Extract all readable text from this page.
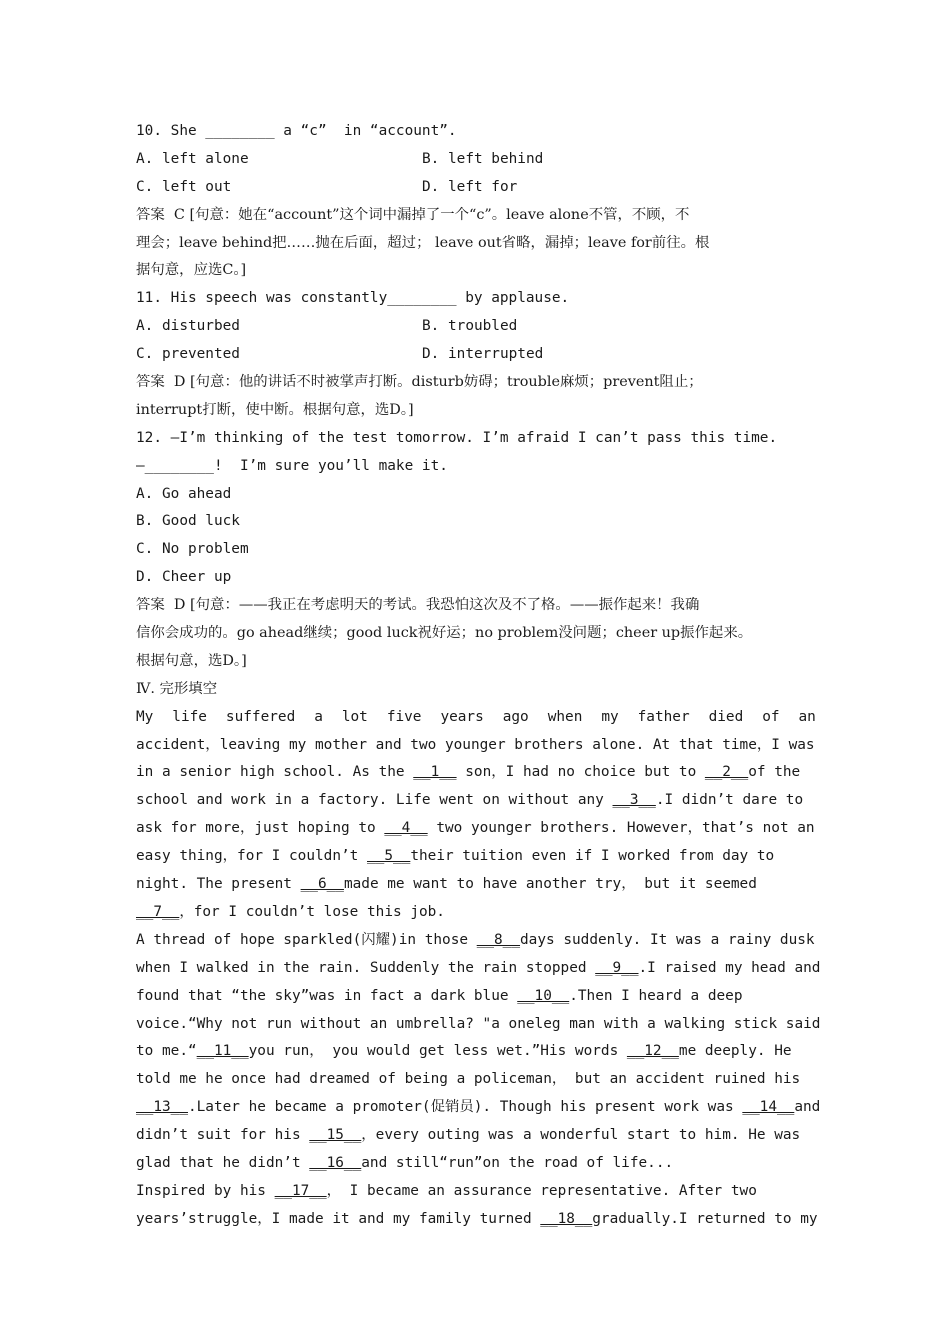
10. She ________ a “c”  in “account”.
A. left alone	B. left behind
C. left out	D. left for
答案  C [句意：她在“account”这个词中漏掉了一个“c”。leave alone不管，不顾，不
理会；leave behind把……抛在后面，超过； leave out省略，漏掉；leave for前往。根
据句意，应选C。]
11. His speech was constantly________ by applause.
A. disturbed	B. troubled
C. prevented	D. interrupted
答案  D [句意：他的讲话不时被掌声打断。disturb妨碍；trouble麻烦；prevent阻止；
interrupt打断，使中断。根据句意，选D。]
12. —I’m thinking of the test tomorrow. I’m afraid I can’t pass this time.
—________!  I’m sure you’ll make it.
A. Go ahead
B. Good luck
C. No problem
D. Cheer up
答案  D [句意：——我正在考虑明天的考试。我恐怕这次及不了格。——振作起来！我确
信你会成功的。go ahead继续；good luck祝好运；no problem没问题；cheer up振作起来。
根据句意，选D。]
Ⅳ. 完形填空
My life suffered a lot five years ago when my father died of an
accident，leaving my mother and two younger brothers alone. At that time，I was
in a senior high school. As the __1__ son，I had no choice but to __2__of the
school and work in a factory. Life went on without any __3__.I didn’t dare to
ask for more，just hoping to __4__ two younger brothers. However，that’s not an
easy thing，for I couldn’t __5__their tuition even if I worked from day to
night. The present __6__made me want to have another try， but it seemed
__7__，for I couldn’t lose this job.
A thread of hope sparkled(闪耀)in those __8__days suddenly. It was a rainy dusk
when I walked in the rain. Suddenly the rain stopped __9__.I raised my head and
found that “the sky”was in fact a dark blue __10__.Then I heard a deep
voice.“Why not run without an umbrella? "a oneleg man with a walking stick said
to me.“__11__you run， you would get less wet.”His words __12__me deeply. He
told me he once had dreamed of being a policeman， but an accident ruined his
__13__.Later he became a promoter(促销员). Though his present work was __14__and
didn’t suit for his __15__，every outing was a wonderful start to him. He was
glad that he didn’t __16__and still“run”on the road of life...
Inspired by his __17__， I became an assurance representative. After two
years’struggle，I made it and my family turned __18__gradually.I returned to my
